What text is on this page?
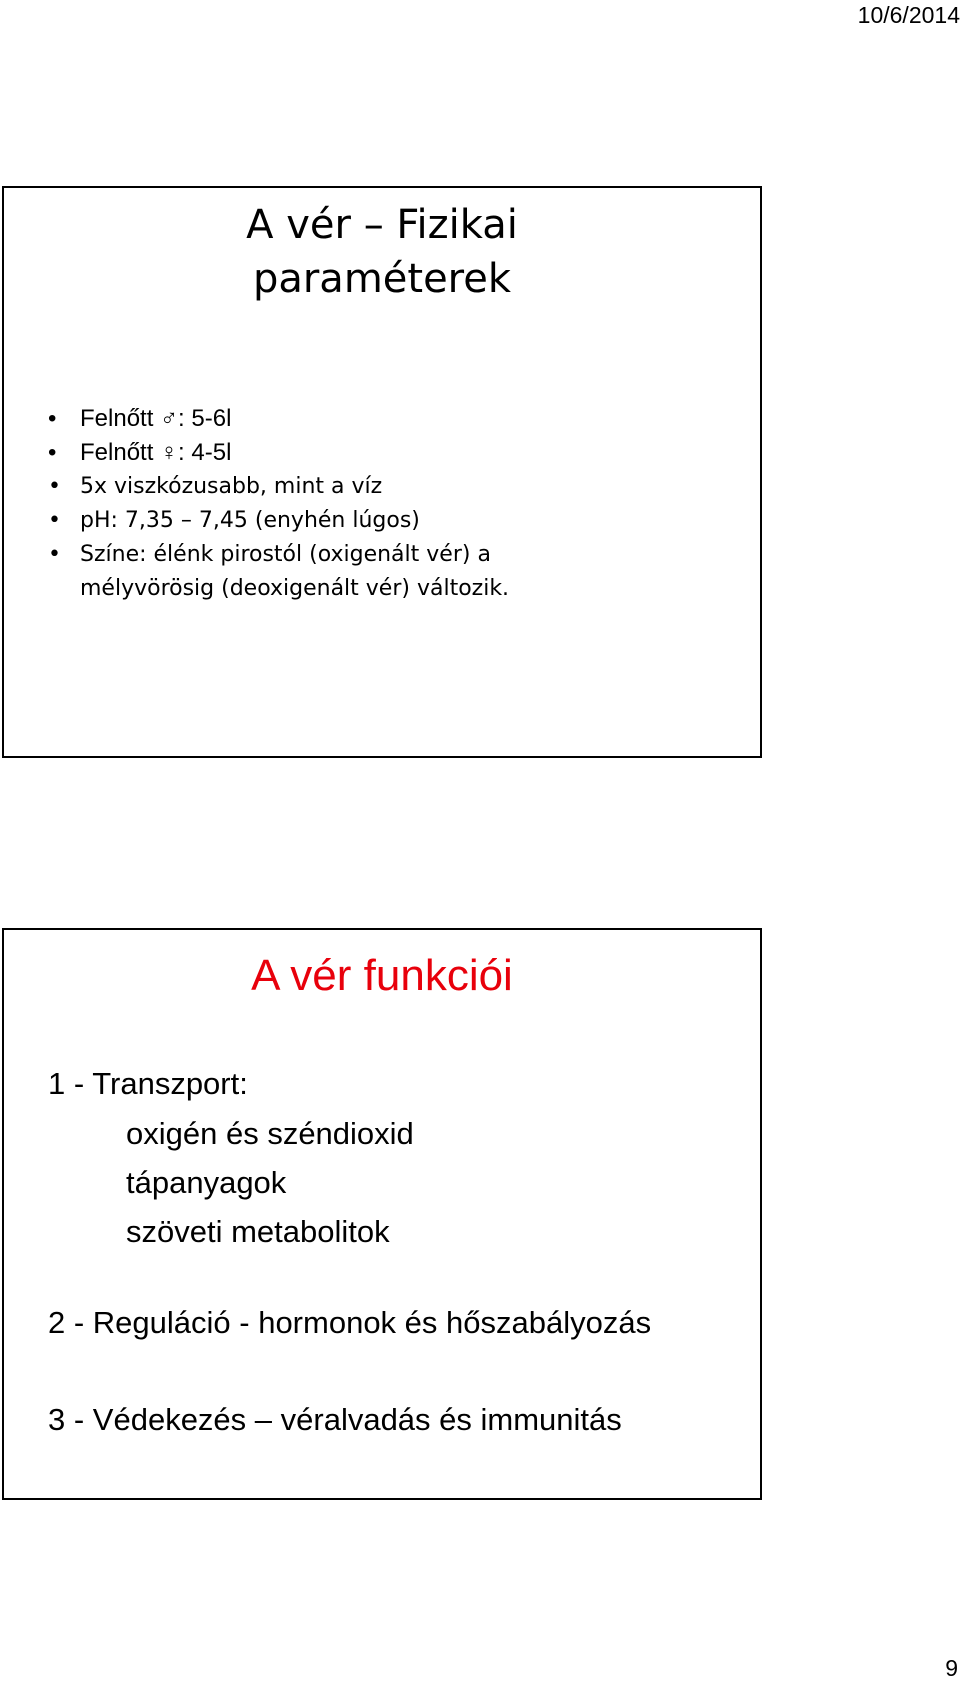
10/6/2014
A vér – Fizikai
paraméterek
• Felnőtt ♂: 5-6l
• Felnőtt ♀: 4-5l
• 5x viszkózusabb, mint a víz
• pH: 7,35 – 7,45 (enyhén lúgos)
• Színe: élénk pirostól (oxigenált vér) a
mélyvörösig (deoxigenált vér) változik.
A vér funkciói

1 - Transzport:

oxigén és széndioxid

tápanyagok

szöveti metabolitok

2 - Reguláció - hormonok és hőszabályozás

3 - Védekezés – véralvadás és immunitás

9
